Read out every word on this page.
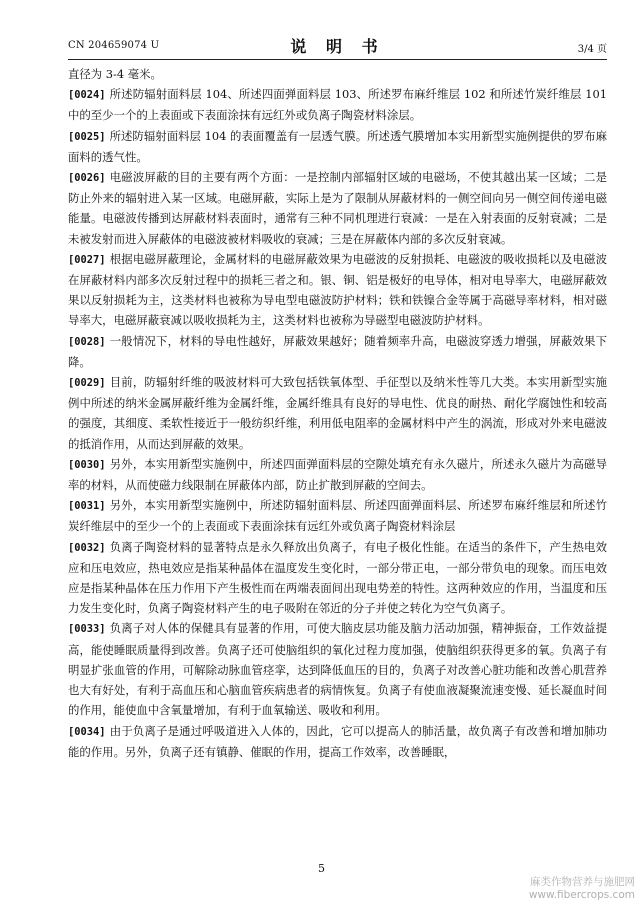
CN 204659074 U	说 明 书	3/4 页

直径为 3-4 毫米。

[0024] 所述防辐射面料层 104、所述四面弹面料层 103、所述罗布麻纤维层 102 和所述竹炭纤维层 101 中的至少一个的上表面或下表面涂抹有远红外或负离子陶瓷材料涂层。

[0025] 所述防辐射面料层 104 的表面覆盖有一层透气膜。所述透气膜增加本实用新型实施例提供的罗布麻面料的透气性。

[0026] 电磁波屏蔽的目的主要有两个方面：一是控制内部辐射区域的电磁场，不使其越出某一区域；二是防止外来的辐射进入某一区域。电磁屏蔽，实际上是为了限制从屏蔽材料的一侧空间向另一侧空间传递电磁能量。电磁波传播到达屏蔽材料表面时，通常有三种不同机理进行衰减：一是在入射表面的反射衰减；二是未被发射而进入屏蔽体的电磁波被材料吸收的衰减；三是在屏蔽体内部的多次反射衰减。

[0027] 根据电磁屏蔽理论，金属材料的电磁屏蔽效果为电磁波的反射损耗、电磁波的吸收损耗以及电磁波在屏蔽材料内部多次反射过程中的损耗三者之和。银、铜、铝是极好的电导体，相对电导率大，电磁屏蔽效果以反射损耗为主，这类材料也被称为导电型电磁波防护材料；铁和铁镍合金等属于高磁导率材料，相对磁导率大，电磁屏蔽衰减以吸收损耗为主，这类材料也被称为导磁型电磁波防护材料。

[0028] 一般情况下，材料的导电性越好，屏蔽效果越好；随着频率升高，电磁波穿透力增强，屏蔽效果下降。

[0029] 目前，防辐射纤维的吸波材料可大致包括铁氧体型、手征型以及纳米性等几大类。本实用新型实施例中所述的纳米金属屏蔽纤维为金属纤维，金属纤维具有良好的导电性、优良的耐热、耐化学腐蚀性和较高的强度，其细度、柔软性接近于一般纺织纤维，利用低电阻率的金属材料中产生的涡流，形成对外来电磁波的抵消作用，从而达到屏蔽的效果。

[0030] 另外，本实用新型实施例中，所述四面弹面料层的空隙处填充有永久磁片，所述永久磁片为高磁导率的材料，从而使磁力线限制在屏蔽体内部，防止扩散到屏蔽的空间去。

[0031] 另外，本实用新型实施例中，所述防辐射面料层、所述四面弹面料层、所述罗布麻纤维层和所述竹炭纤维层中的至少一个的上表面或下表面涂抹有远红外或负离子陶瓷材料涂层

[0032] 负离子陶瓷材料的显著特点是永久释放出负离子，有电子极化性能。在适当的条件下，产生热电效应和压电效应，热电效应是指某种晶体在温度发生变化时，一部分带正电，一部分带负电的现象。而压电效应是指某种晶体在压力作用下产生极性而在两端表面间出现电势差的特性。这两种效应的作用，当温度和压力发生变化时，负离子陶瓷材料产生的电子吸附在邻近的分子并使之转化为空气负离子。

[0033] 负离子对人体的保健具有显著的作用，可使大脑皮层功能及脑力活动加强，精神振奋，工作效益提高，能使睡眠质量得到改善。负离子还可使脑组织的氧化过程力度加强，使脑组织获得更多的氧。负离子有明显扩张血管的作用，可解除动脉血管痉挛，达到降低血压的目的，负离子对改善心脏功能和改善心肌营养也大有好处，有利于高血压和心脑血管疾病患者的病情恢复。负离子有使血液凝聚流速变慢、延长凝血时间的作用，能使血中含氧量增加，有利于血氧输送、吸收和利用。

[0034] 由于负离子是通过呼吸道进入人体的，因此，它可以提高人的肺活量，故负离子有改善和增加肺功能的作用。另外，负离子还有镇静、催眠的作用，提高工作效率，改善睡眠，

5
麻类作物营养与施肥网
www.fibercrops.com
